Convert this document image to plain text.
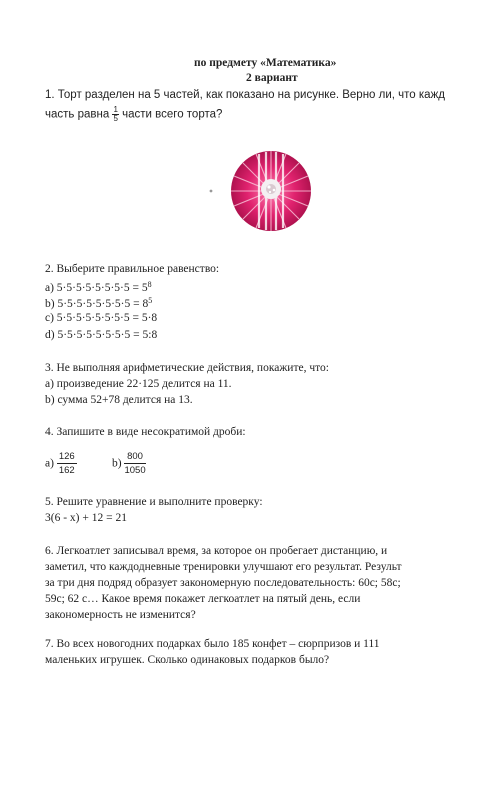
по предмету «Математика»
2 вариант
1. Торт разделен на 5 частей, как показано на рисунке. Верно ли, что кажд
часть равна $\frac{1}{5}$ части всего торта?
2. Выберите правильное равенство:
а) $5\cdot 5\cdot 5\cdot 5\cdot 5\cdot 5\cdot 5\cdot 5 = 5^8$
b) $5\cdot 5\cdot 5\cdot 5\cdot 5\cdot 5\cdot 5\cdot 5 = 8^5$
c) 5·5·5·5·5·5·5·5 = 5·8
d) 5·5·5·5·5·5·5·5 = 5:8
3. Не выполняя арифметические действия, покажите, что:
а) произведение 22·125 делится на 11.
b) сумма 52+78 делится на 13.
4. Запишите в виде несократимой дроби:
$а) \frac{126}{162}$	$b) \frac{800}{1050}$
5. Решите уравнение и выполните проверку:
3(6 - x) + 12 = 21
6. Легкоатлет записывал время, за которое он пробегает дистанцию, и
заметил, что каждодневные тренировки улучшают его результат. Результ
за три дня подряд образует закономерную последовательность: 60с; 58с;
59с; 62 с… Какое время покажет легкоатлет на пятый день, если
закономерность не изменится?
7. Во всех новогодних подарках было 185 конфет – сюрпризов и 111
маленьких игрушек. Сколько одинаковых подарков было?
